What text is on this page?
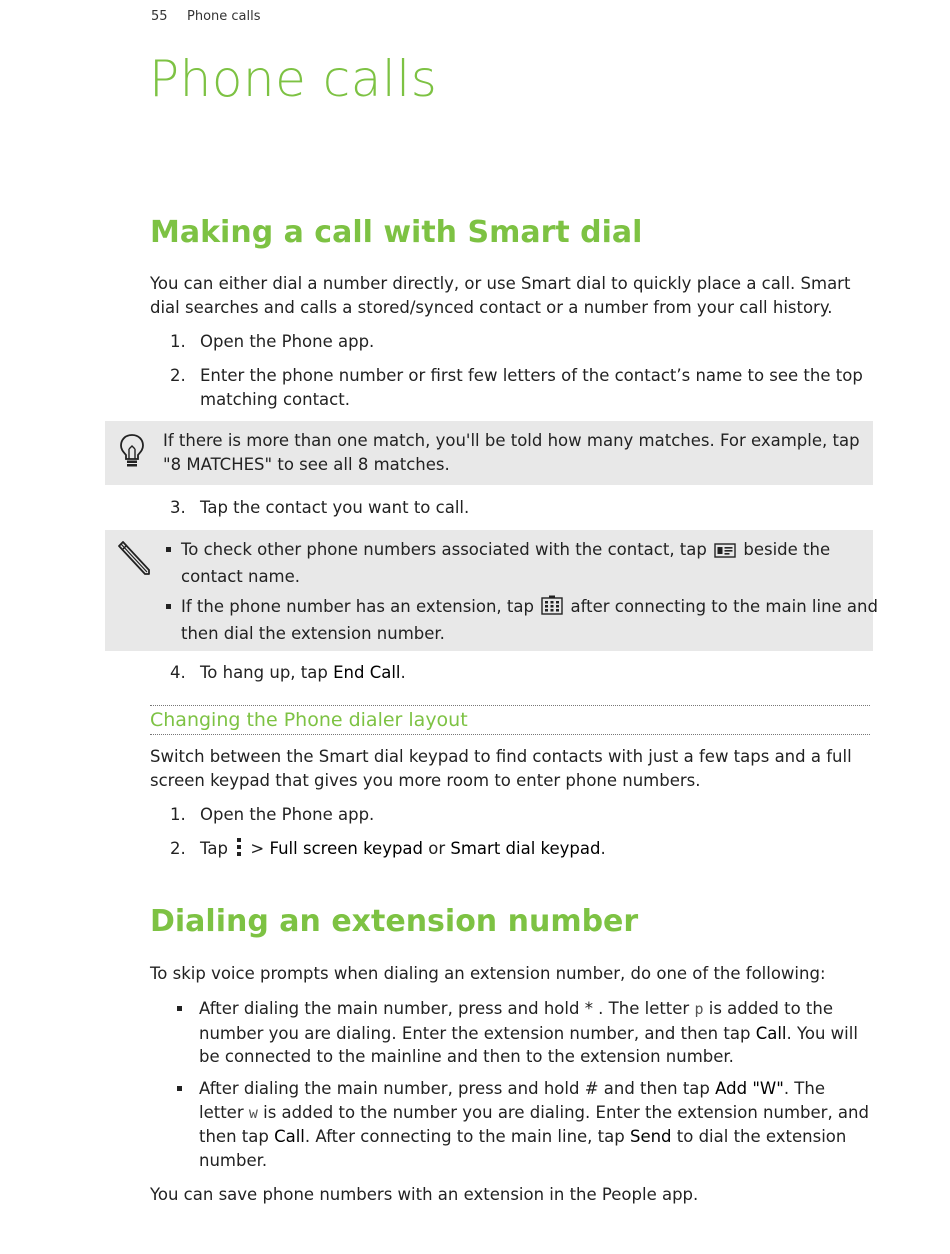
55 Phone calls
Phone calls
Making a call with Smart dial
You can either dial a number directly, or use Smart dial to quickly place a call. Smart
dial searches and calls a stored/synced contact or a number from your call history.
1. Open the Phone app.
2. Enter the phone number or first few letters of the contact’s name to see the top
matching contact.
If there is more than one match, you'll be told how many matches. For example, tap
"8 MATCHES" to see all 8 matches.
3. Tap the contact you want to call.
To check other phone numbers associated with the contact, tap beside the
contact name.
If the phone number has an extension, tap after connecting to the main line and
then dial the extension number.
4. To hang up, tap End Call.
Changing the Phone dialer layout
Switch between the Smart dial keypad to find contacts with just a few taps and a full
screen keypad that gives you more room to enter phone numbers.
1. Open the Phone app.
2. Tap  > Full screen keypad or Smart dial keypad.
Dialing an extension number
To skip voice prompts when dialing an extension number, do one of the following:
After dialing the main number, press and hold * . The letter p is added to the
number you are dialing. Enter the extension number, and then tap Call. You will
be connected to the mainline and then to the extension number.
After dialing the main number, press and hold # and then tap Add "W". The
letter w is added to the number you are dialing. Enter the extension number, and
then tap Call. After connecting to the main line, tap Send to dial the extension
number.
You can save phone numbers with an extension in the People app.
